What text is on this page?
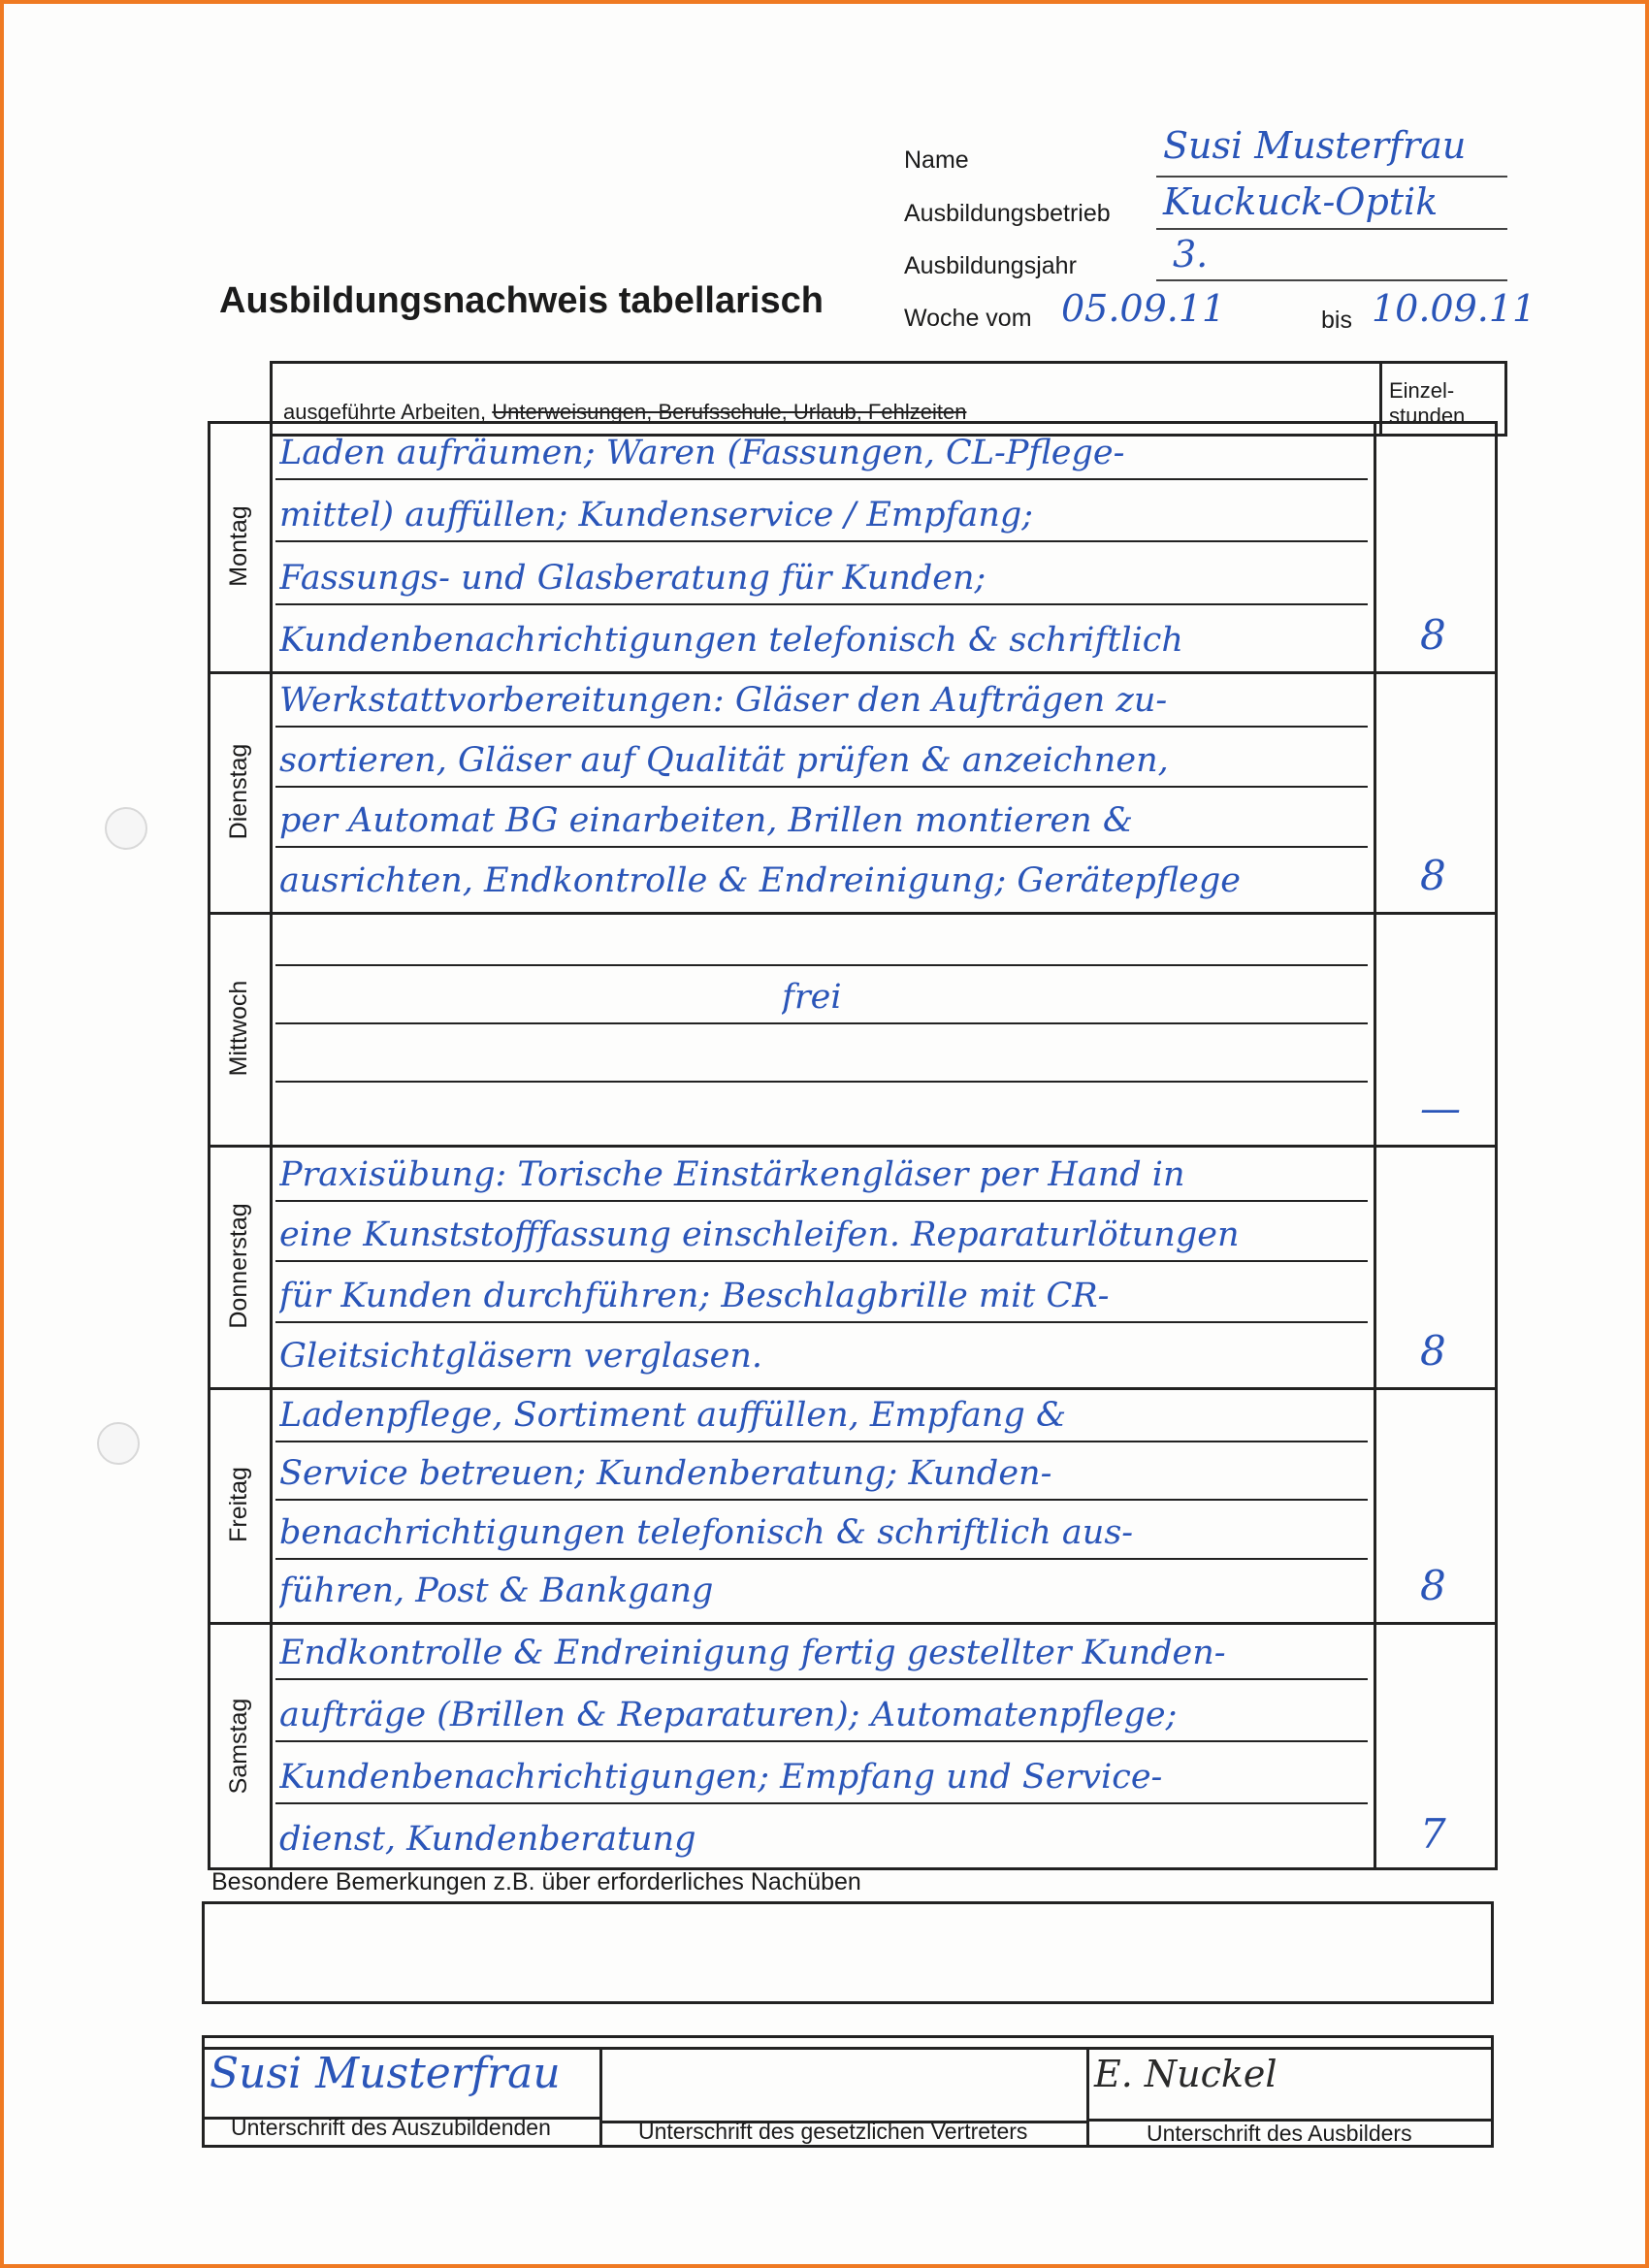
Ausbildungsnachweis tabellarisch
Name	Susi Musterfrau
Ausbildungsbetrieb Kuckuck-Optik
Ausbildungsjahr	3.
Woche vom 05.09.11	bis 10.09.11
ausgeführte Arbeiten, Unterweisungen, Berufsschule, Urlaub, Fehlzeiten
Einzel-
stunden
Besondere Bemerkungen z.B. über erforderliches Nachüben
Susi Musterfrau	E. Nuckel
Unterschrift des Auszubildenden	Unterschrift des gesetzlichen Vertreters	Unterschrift des Ausbilders
Montag
Laden aufräumen; Waren (Fassungen, CL-Pflege-
mittel) auffüllen; Kundenservice / Empfang;
Fassungs- und Glasberatung für Kunden;
Kundenbenachrichtigungen telefonisch & schriftlich	8
Dienstag
Werkstattvorbereitungen: Gläser den Aufträgen zu-
sortieren, Gläser auf Qualität prüfen & anzeichnen,
per Automat BG einarbeiten, Brillen montieren &
ausrichten, Endkontrolle & Endreinigung; Gerätepflege	8
Mittwoch	frei
—
Donnerstag
Praxisübung: Torische Einstärkengläser per Hand in
eine Kunststofffassung einschleifen. Reparaturlötungen
für Kunden durchführen; Beschlagbrille mit CR-
Gleitsichtgläsern verglasen.	8
Freitag
Ladenpflege, Sortiment auffüllen, Empfang &
Service betreuen; Kundenberatung; Kunden-
benachrichtigungen telefonisch & schriftlich aus-
führen, Post & Bankgang	8
Samstag
Endkontrolle & Endreinigung fertig gestellter Kunden-
aufträge (Brillen & Reparaturen); Automatenpflege;
Kundenbenachrichtigungen; Empfang und Service-
dienst, Kundenberatung	7
